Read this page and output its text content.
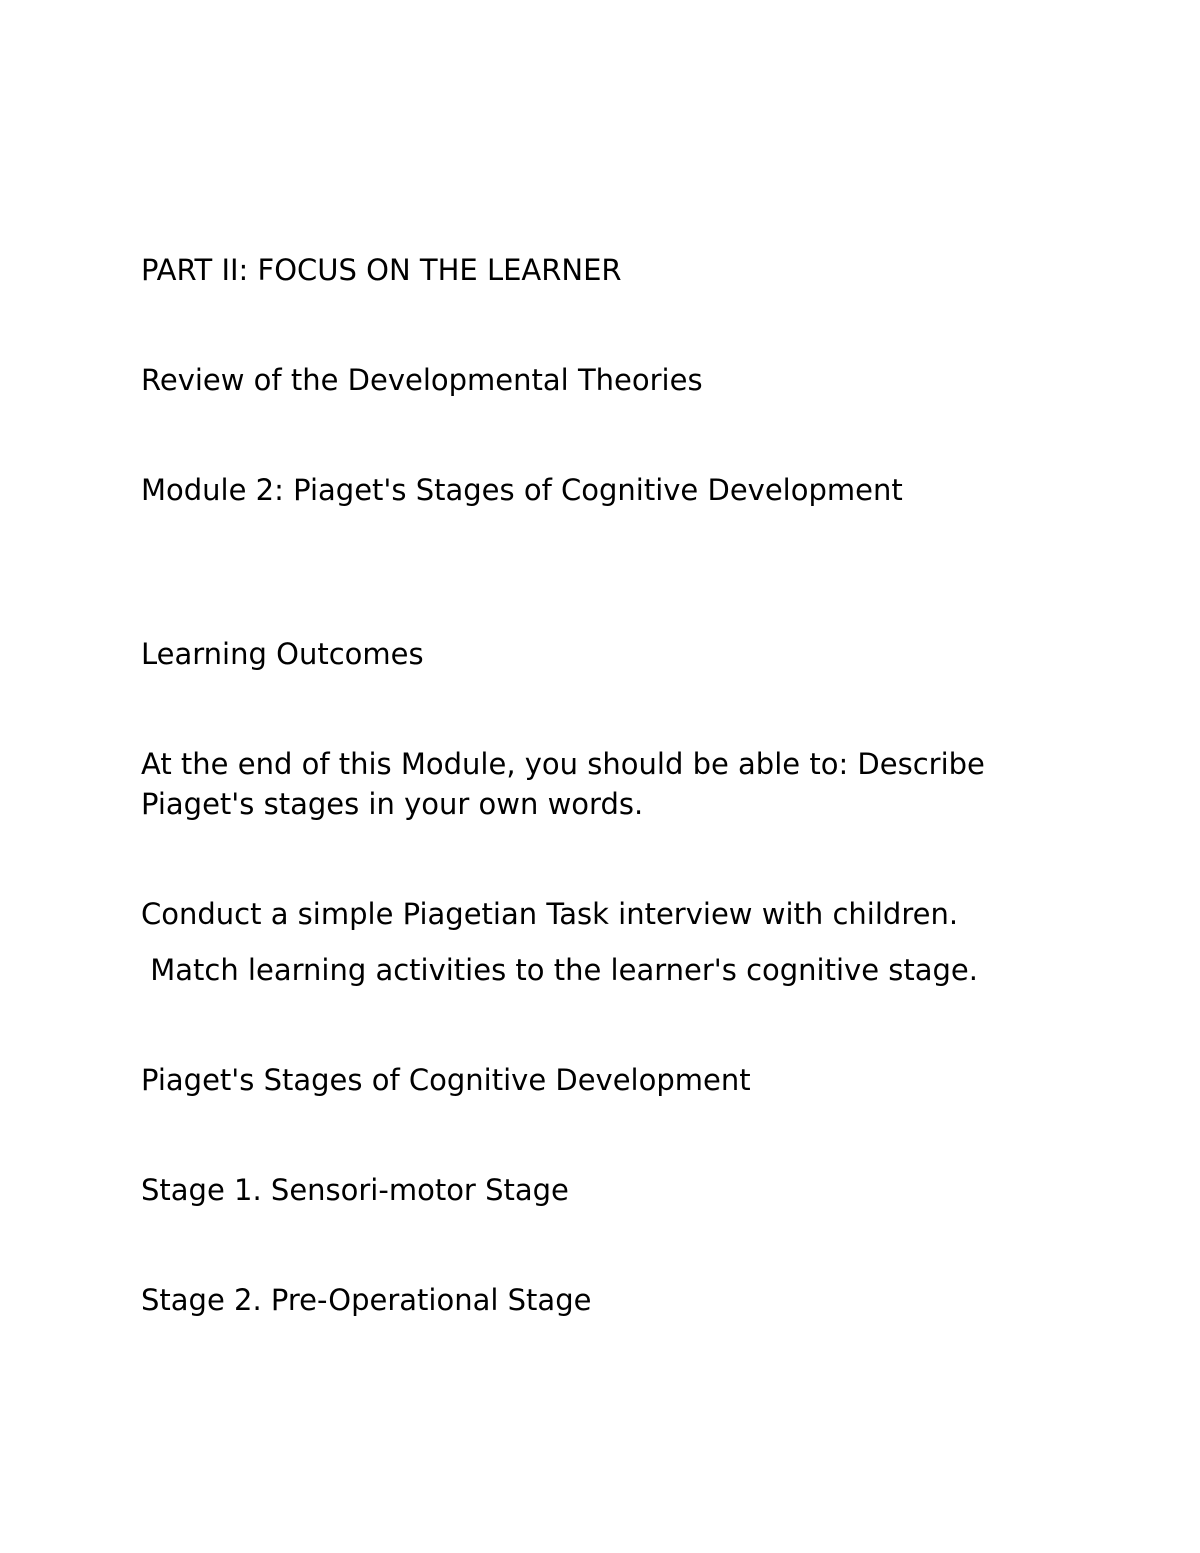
PART II: FOCUS ON THE LEARNER

Review of the Developmental Theories

Module 2: Piaget's Stages of Cognitive Development

Learning Outcomes

At the end of this Module, you should be able to: Describe

Piaget's stages in your own words.

Conduct a simple Piagetian Task interview with children.

Match learning activities to the learner's cognitive stage.

Piaget's Stages of Cognitive Development

Stage 1. Sensori-motor Stage

Stage 2. Pre-Operational Stage
